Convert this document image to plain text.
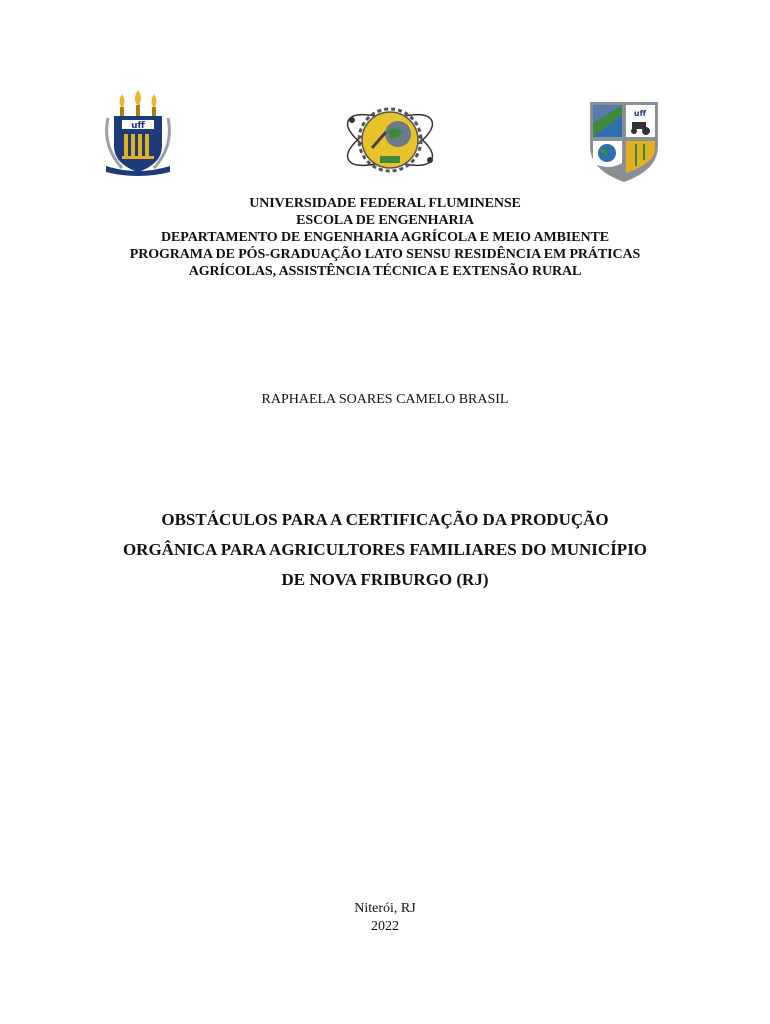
uff
uff
UNIVERSIDADE FEDERAL FLUMINENSE
ESCOLA DE ENGENHARIA
DEPARTAMENTO DE ENGENHARIA AGRÍCOLA E MEIO AMBIENTE
PROGRAMA DE PÓS-GRADUAÇÃO LATO SENSU RESIDÊNCIA EM PRÁTICAS
AGRÍCOLAS, ASSISTÊNCIA TÉCNICA E EXTENSÃO RURAL
RAPHAELA SOARES CAMELO BRASIL
OBSTÁCULOS PARA A CERTIFICAÇÃO DA PRODUÇÃO
ORGÂNICA PARA AGRICULTORES FAMILIARES DO MUNICÍPIO
DE NOVA FRIBURGO (RJ)
Niterói, RJ
2022
